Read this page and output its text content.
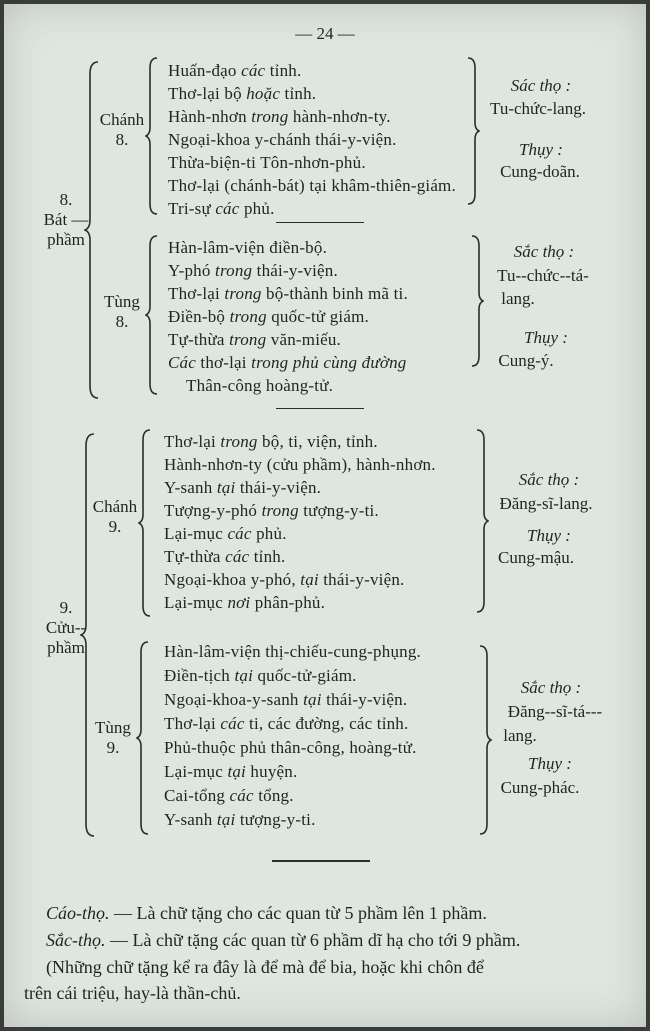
— 24 —
8.
Bát —
phầm
Chánh
8.
Huấn-đạo các tỉnh.
Thơ-lại bộ hoặc tỉnh.
Hành-nhơn trong hành-nhơn-ty.
Ngoại-khoa y-chánh thái-y-viện.
Thừa-biện-ti Tôn-nhơn-phủ.
Thơ-lại (chánh-bát) tại khâm-thiên-giám.
Tri-sự các phủ.
Sác thọ :
Tu-chức-lang.
Thụy :
Cung-doãn.
Tùng
8.
Hàn-lâm-viện điền-bộ.
Y-phó trong thái-y-viện.
Thơ-lại trong bộ-thành binh mã ti.
Điền-bộ trong quốc-tử giám.
Tự-thừa trong văn-miếu.
Các thơ-lại trong phủ cùng đường
Thân-công hoàng-tử.
Sắc thọ :
Tu--chức--tá-
lang.
Thụy :
Cung-ý.
9.
Cửu--
phầm
Chánh
9.
Thơ-lại trong bộ, ti, viện, tỉnh.
Hành-nhơn-ty (cửu phầm), hành-nhơn.
Y-sanh tại thái-y-viện.
Tượng-y-phó trong tượng-y-ti.
Lại-mục các phủ.
Tự-thừa các tỉnh.
Ngoại-khoa y-phó, tại thái-y-viện.
Lại-mục nơi phân-phủ.
Sắc thọ :
Đăng-sĩ-lang.
Thụy :
Cung-mậu.
Tùng
9.
Hàn-lâm-viện thị-chiếu-cung-phụng.
Điền-tịch tại quốc-tử-giám.
Ngoại-khoa-y-sanh tại thái-y-viện.
Thơ-lại các ti, các đường, các tỉnh.
Phủ-thuộc phủ thân-công, hoàng-tử.
Lại-mục tại huyện.
Cai-tổng các tổng.
Y-sanh tại tượng-y-ti.
Sắc thọ :
Đăng--sĩ-tá---
lang.
Thụy :
Cung-phác.
Cáo-thọ. — Là chữ tặng cho các quan từ 5 phầm lên 1 phầm.
Sắc-thọ. — Là chữ tặng các quan từ 6 phầm dĩ hạ cho tới 9 phầm.
(Những chữ tặng kể ra đây là để mà để bia, hoặc khi chôn để
trên cái triệu, hay-là thần-chủ.
